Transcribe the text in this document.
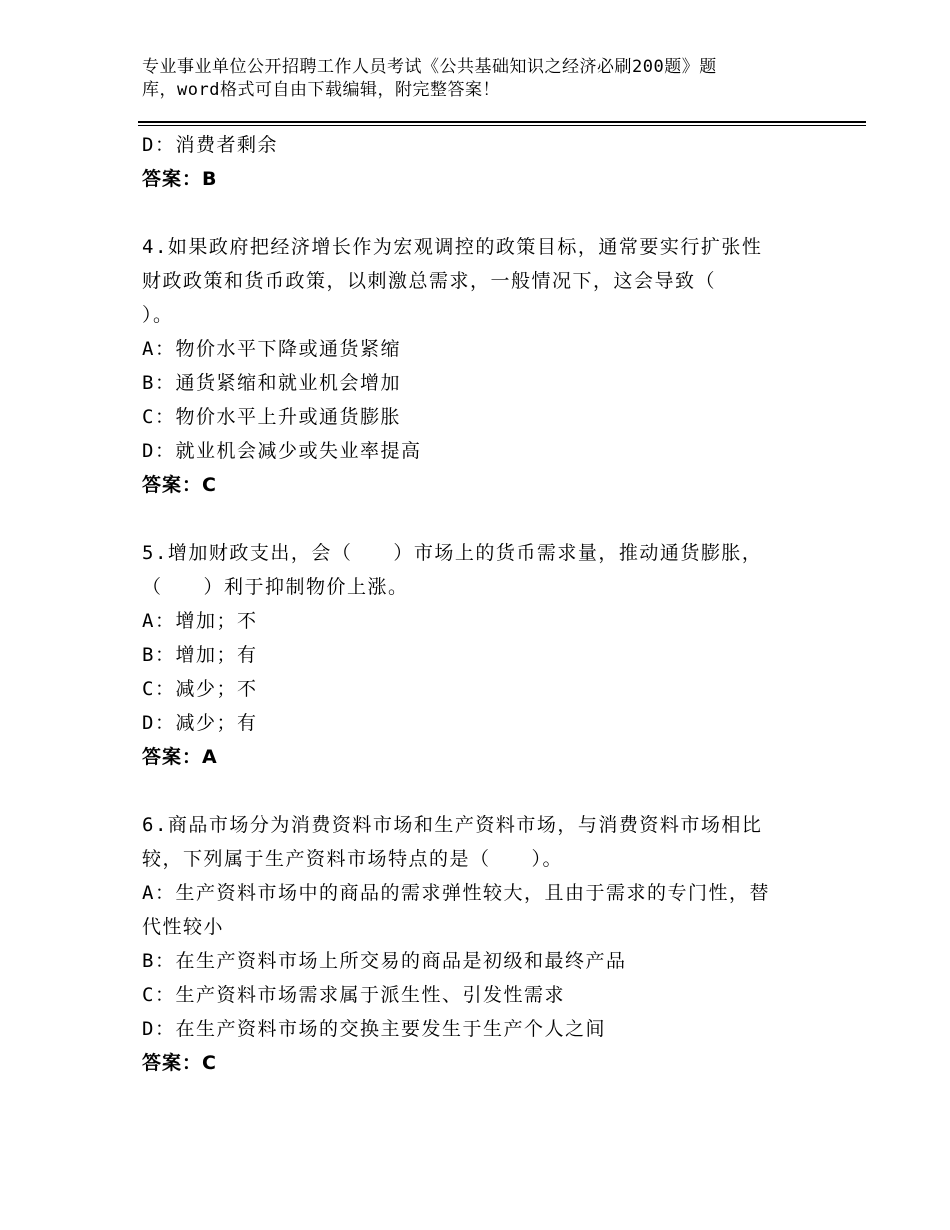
专业事业单位公开招聘工作人员考试《公共基础知识之经济必刷200题》题
库，word格式可自由下载编辑，附完整答案！
D：消费者剩余
答案：B
4.如果政府把经济增长作为宏观调控的政策目标，通常要实行扩张性
财政政策和货币政策，以刺激总需求，一般情况下，这会导致（
）。
A：物价水平下降或通货紧缩
B：通货紧缩和就业机会增加
C：物价水平上升或通货膨胀
D：就业机会减少或失业率提高
答案：C
5.增加财政支出，会（　　）市场上的货币需求量，推动通货膨胀，
（　　）利于抑制物价上涨。
A：增加；不
B：增加；有
C：减少；不
D：减少；有
答案：A
6.商品市场分为消费资料市场和生产资料市场，与消费资料市场相比
较，下列属于生产资料市场特点的是（　　）。
A：生产资料市场中的商品的需求弹性较大，且由于需求的专门性，替
代性较小
B：在生产资料市场上所交易的商品是初级和最终产品
C：生产资料市场需求属于派生性、引发性需求
D：在生产资料市场的交换主要发生于生产个人之间
答案：C
